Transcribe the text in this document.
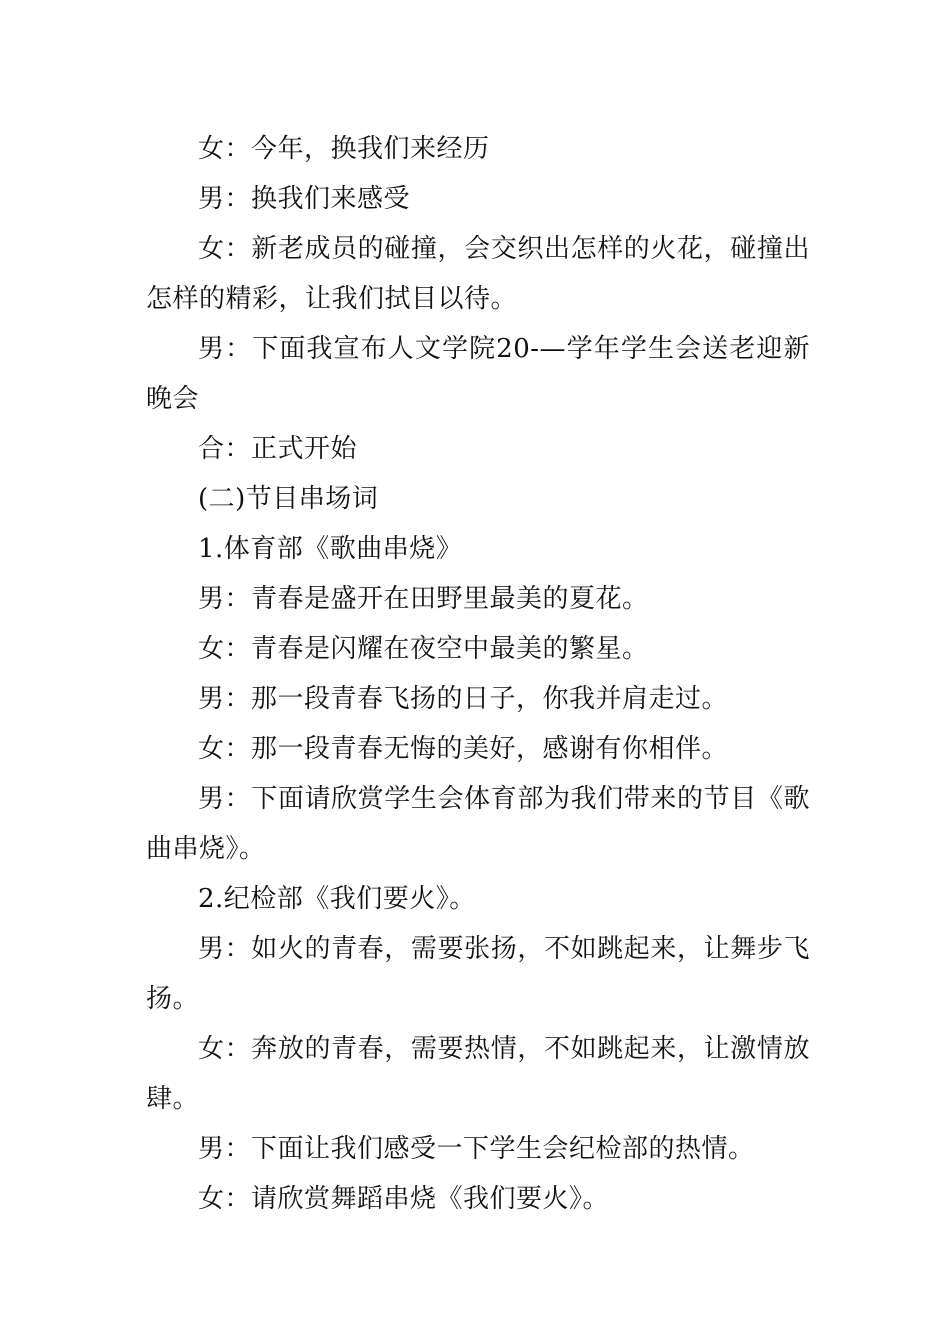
女：今年，换我们来经历

男：换我们来感受

女：新老成员的碰撞，会交织出怎样的火花，碰撞出怎样的精彩，让我们拭目以待。

男：下面我宣布人文学院20-—学年学生会送老迎新晚会

合：正式开始

(二)节目串场词

1.体育部《歌曲串烧》

男：青春是盛开在田野里最美的夏花。

女：青春是闪耀在夜空中最美的繁星。

男：那一段青春飞扬的日子，你我并肩走过。

女：那一段青春无悔的美好，感谢有你相伴。

男：下面请欣赏学生会体育部为我们带来的节目《歌曲串烧》。

2.纪检部《我们要火》。

男：如火的青春，需要张扬，不如跳起来，让舞步飞扬。

女：奔放的青春，需要热情，不如跳起来，让激情放肆。

男：下面让我们感受一下学生会纪检部的热情。

女：请欣赏舞蹈串烧《我们要火》。
